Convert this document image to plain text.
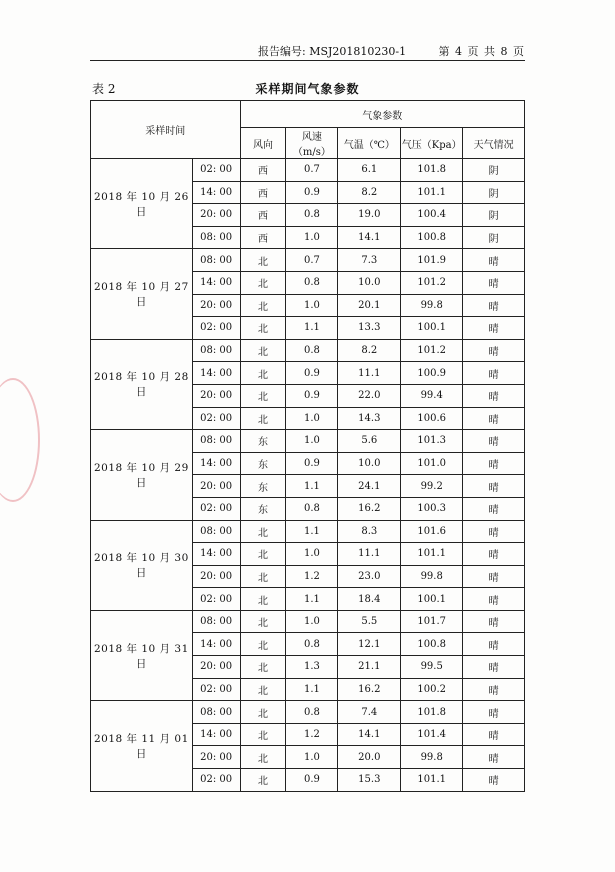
报告编号: MSJ201810230-1	第 4 页 共 8 页
表 2	采样期间气象参数
采样时间		气象参数				
		风向	风速（m/s）	气温（℃）	气压（Kpa）	天气情况
2018 年 10 月 26 日	02: 00	西	0.7	6.1	101.8	阴
	14: 00	西	0.9	8.2	101.1	阴
	20: 00	西	0.8	19.0	100.4	阴
	08: 00	西	1.0	14.1	100.8	阴
2018 年 10 月 27 日	08: 00	北	0.7	7.3	101.9	晴
	14: 00	北	0.8	10.0	101.2	晴
	20: 00	北	1.0	20.1	99.8	晴
	02: 00	北	1.1	13.3	100.1	晴
2018 年 10 月 28 日	08: 00	北	0.8	8.2	101.2	晴
	14: 00	北	0.9	11.1	100.9	晴
	20: 00	北	0.9	22.0	99.4	晴
	02: 00	北	1.0	14.3	100.6	晴
2018 年 10 月 29 日	08: 00	东	1.0	5.6	101.3	晴
	14: 00	东	0.9	10.0	101.0	晴
	20: 00	东	1.1	24.1	99.2	晴
	02: 00	东	0.8	16.2	100.3	晴
2018 年 10 月 30 日	08: 00	北	1.1	8.3	101.6	晴
	14: 00	北	1.0	11.1	101.1	晴
	20: 00	北	1.2	23.0	99.8	晴
	02: 00	北	1.1	18.4	100.1	晴
2018 年 10 月 31 日	08: 00	北	1.0	5.5	101.7	晴
	14: 00	北	0.8	12.1	100.8	晴
	20: 00	北	1.3	21.1	99.5	晴
	02: 00	北	1.1	16.2	100.2	晴
2018 年 11 月 01 日	08: 00	北	0.8	7.4	101.8	晴
	14: 00	北	1.2	14.1	101.4	晴
	20: 00	北	1.0	20.0	99.8	晴
	02: 00	北	0.9	15.3	101.1	晴
